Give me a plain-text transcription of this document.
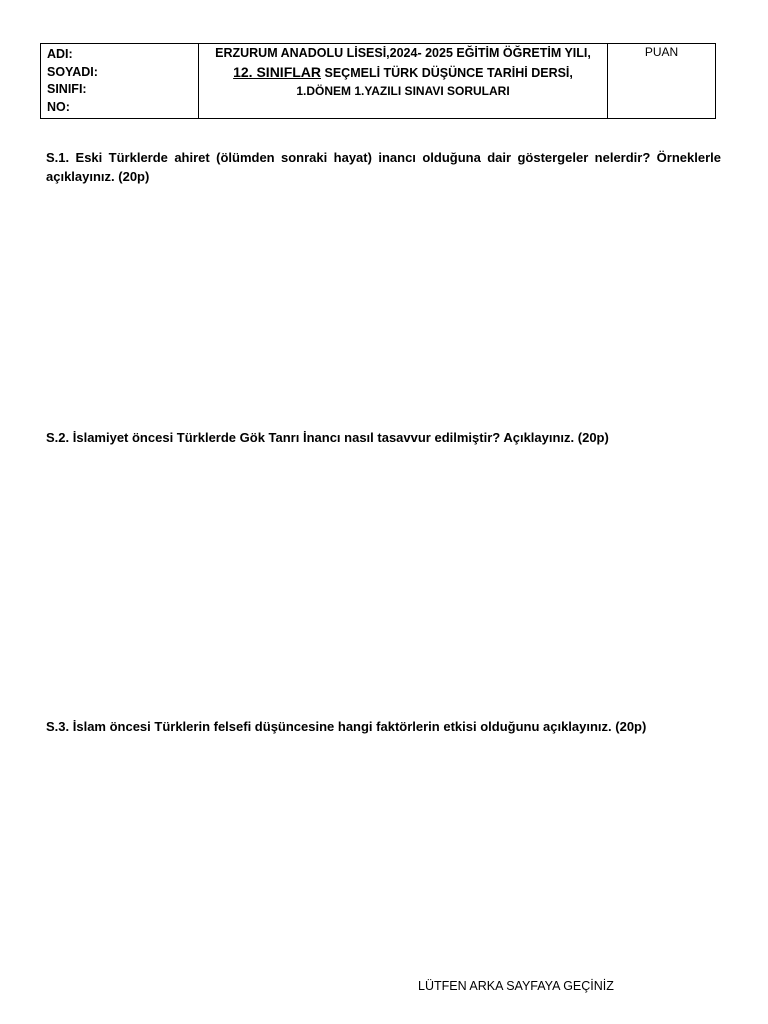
ADI:
SOYADI:
SINIFI:
NO:

ERZURUM ANADOLU LİSESİ,2024- 2025 EĞİTİM ÖĞRETİM YILI,
12. SINIFLAR SEÇMELİ TÜRK DÜŞÜNCE TARİHİ DERSİ,
1.DÖNEM 1.YAZILI SINAVI SORULARI

PUAN
S.1. Eski Türklerde ahiret (ölümden sonraki hayat) inancı olduğuna dair göstergeler nelerdir? Örneklerle açıklayınız. (20p)
S.2. İslamiyet öncesi Türklerde Gök Tanrı İnancı nasıl tasavvur edilmiştir? Açıklayınız. (20p)
S.3. İslam öncesi Türklerin felsefi düşüncesine hangi faktörlerin etkisi olduğunu açıklayınız. (20p)
LÜTFEN ARKA SAYFAYA GEÇİNİZ
